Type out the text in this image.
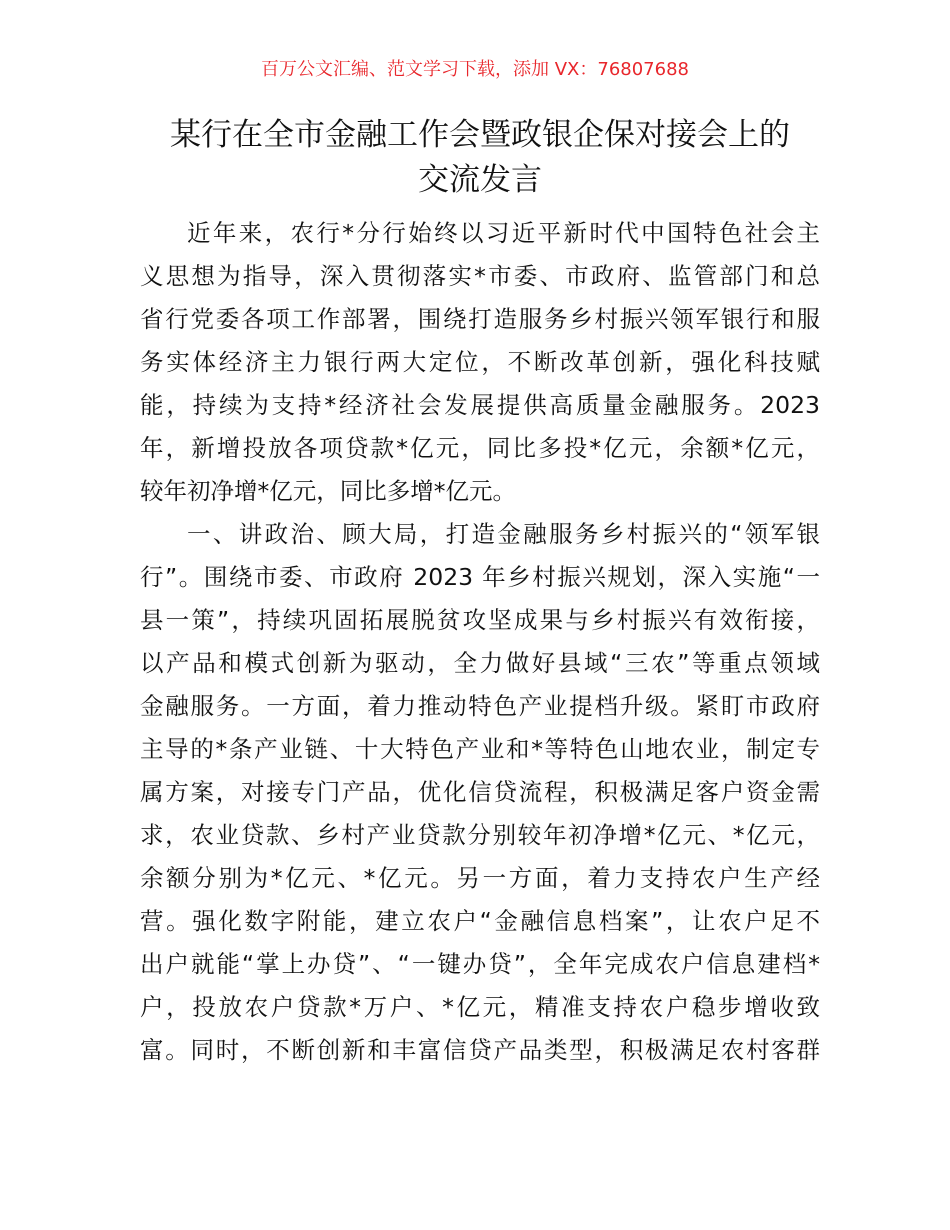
百万公文汇编、范文学习下载，添加 VX：76807688
某行在全市金融工作会暨政银企保对接会上的
交流发言
近年来，农行*分行始终以习近平新时代中国特色社会主
义思想为指导，深入贯彻落实*市委、市政府、监管部门和总
省行党委各项工作部署，围绕打造服务乡村振兴领军银行和服
务实体经济主力银行两大定位，不断改革创新，强化科技赋
能，持续为支持*经济社会发展提供高质量金融服务。2023
年，新增投放各项贷款*亿元，同比多投*亿元，余额*亿元，
较年初净增*亿元，同比多增*亿元。
一、讲政治、顾大局，打造金融服务乡村振兴的“领军银
行”。围绕市委、市政府 2023 年乡村振兴规划，深入实施“一
县一策”，持续巩固拓展脱贫攻坚成果与乡村振兴有效衔接，
以产品和模式创新为驱动，全力做好县域“三农”等重点领域
金融服务。一方面，着力推动特色产业提档升级。紧盯市政府
主导的*条产业链、十大特色产业和*等特色山地农业，制定专
属方案，对接专门产品，优化信贷流程，积极满足客户资金需
求，农业贷款、乡村产业贷款分别较年初净增*亿元、*亿元，
余额分别为*亿元、*亿元。另一方面，着力支持农户生产经
营。强化数字附能，建立农户“金融信息档案”，让农户足不
出户就能“掌上办贷”、“一键办贷”，全年完成农户信息建档*
户，投放农户贷款*万户、*亿元，精准支持农户稳步增收致
富。同时，不断创新和丰富信贷产品类型，积极满足农村客群
